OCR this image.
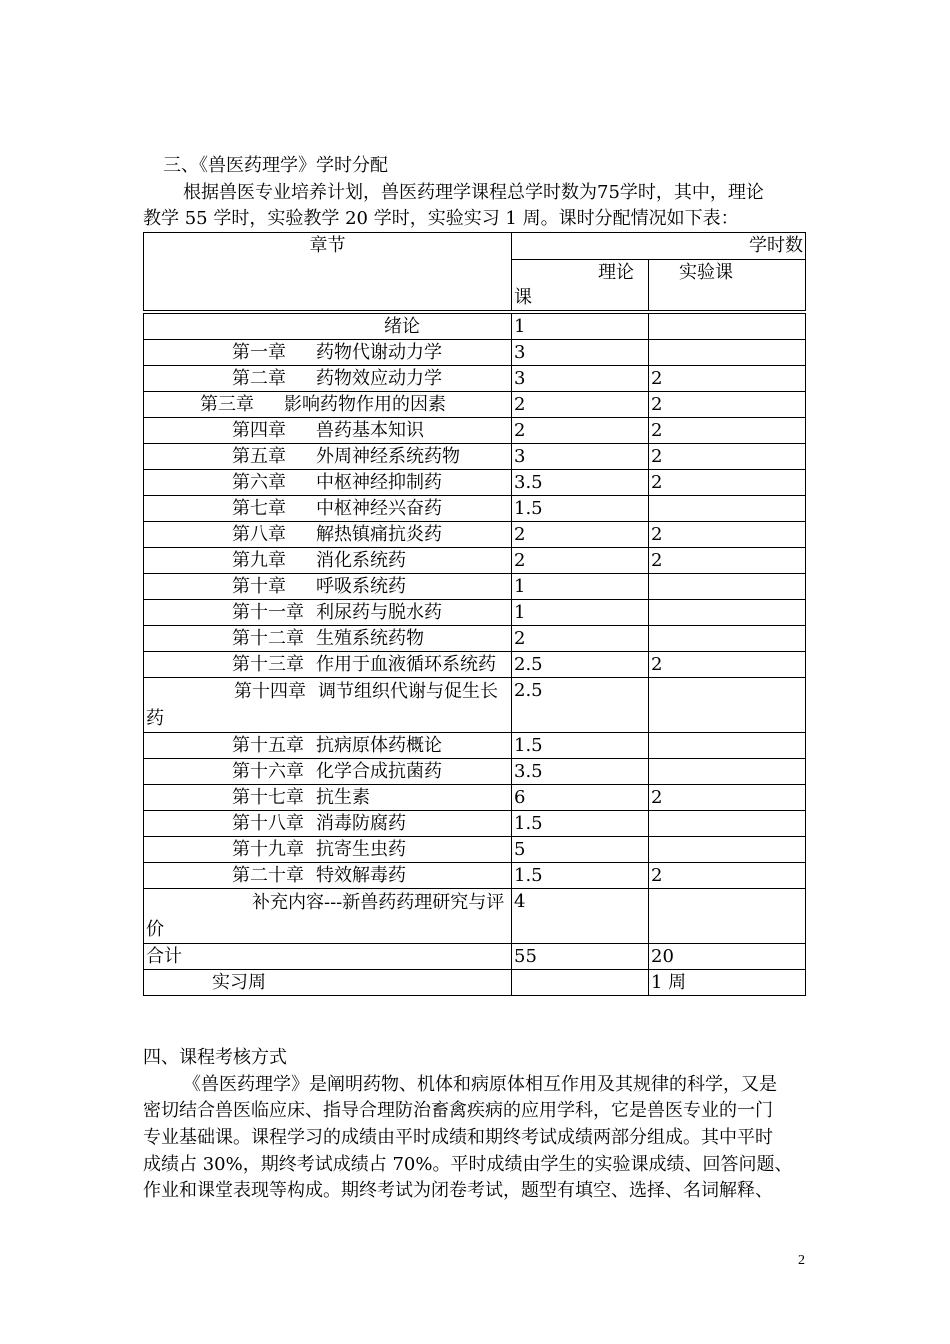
三、《兽医药理学》学时分配
根据兽医专业培养计划，兽医药理学课程总学时数为75学时，其中，理论
教学 55 学时，实验教学 20 学时，实验实习 1 周。课时分配情况如下表：
章节	学时数	

	理论
课	实验课

绪论	1	
第一章 药物代谢动力学	3	
第二章 药物效应动力学	3	2
第三章 影响药物作用的因素	2	2
第四章 兽药基本知识	2	2
第五章 外周神经系统药物	3	2
第六章 中枢神经抑制药	3.5	2
第七章 中枢神经兴奋药	1.5	
第八章 解热镇痛抗炎药	2	2
第九章 消化系统药	2	2
第十章 呼吸系统药	1	
第十一章 利尿药与脱水药	1	
第十二章 生殖系统药物	2	
第十三章 作用于血液循环系统药	2.5	2
第十四章 调节组织代谢与促生长药	2.5	
第十五章 抗病原体药概论	1.5	
第十六章 化学合成抗菌药	3.5	
第十七章 抗生素	6	2
第十八章 消毒防腐药	1.5	
第十九章 抗寄生虫药	5	
第二十章 特效解毒药	1.5	2
补充内容---新兽药药理研究与评价	4	
合计	55	20
实习周		1 周
四、课程考核方式
《兽医药理学》是阐明药物、机体和病原体相互作用及其规律的科学，又是
密切结合兽医临应床、指导合理防治畜禽疾病的应用学科，它是兽医专业的一门
专业基础课。课程学习的成绩由平时成绩和期终考试成绩两部分组成。其中平时
成绩占 30%，期终考试成绩占 70%。平时成绩由学生的实验课成绩、回答问题、
作业和课堂表现等构成。期终考试为闭卷考试，题型有填空、选择、名词解释、
2
